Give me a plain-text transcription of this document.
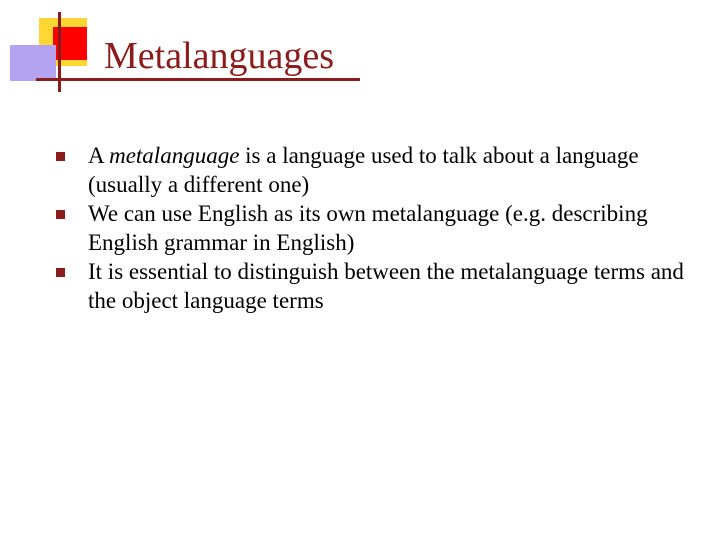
Metalanguages
A metalanguage is a language used to talk about a language (usually a different one)
We can use English as its own metalanguage (e.g. describing English grammar in English)
It is essential to distinguish between the metalanguage terms and the object language terms
